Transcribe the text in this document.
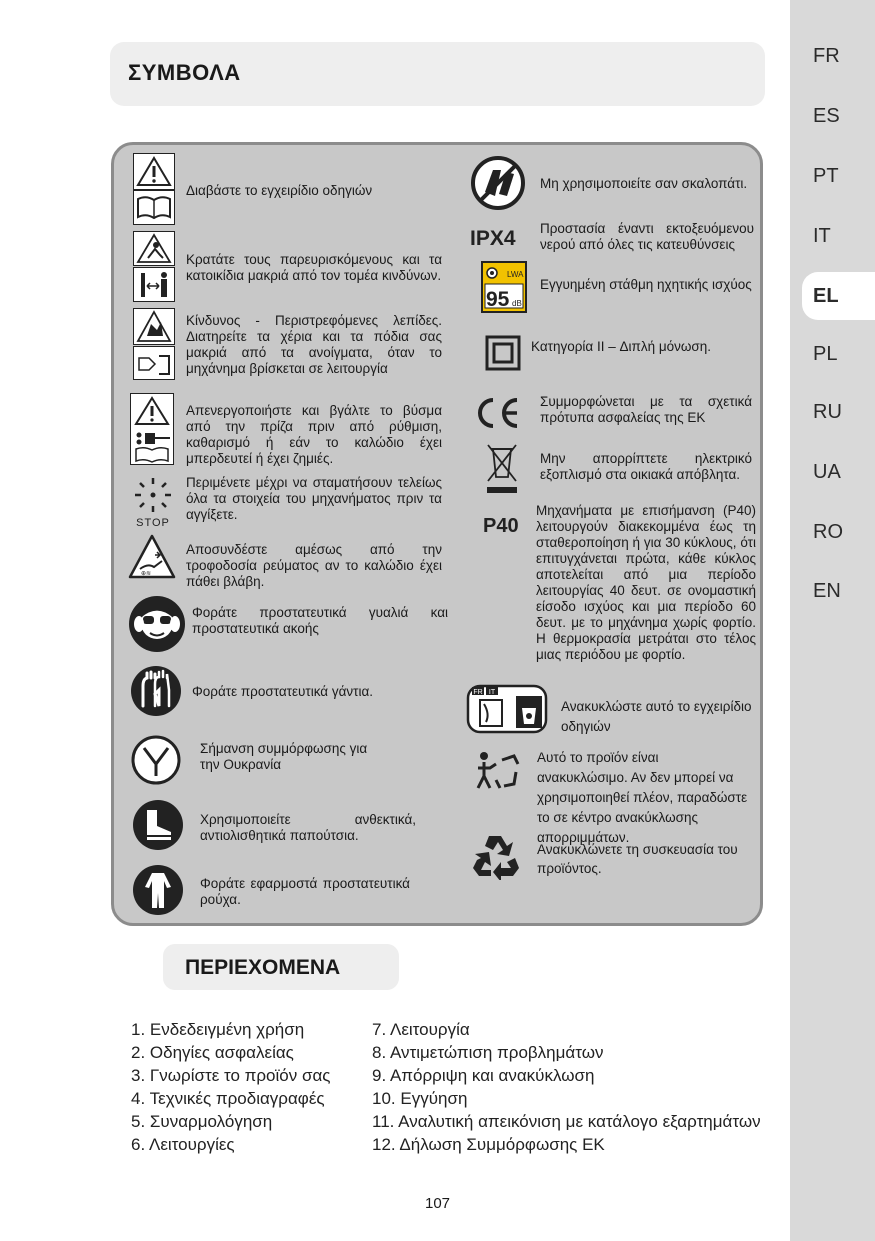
FR
ES
PT
IT
EL
PL
RU
UA
RO
EN
ΣΥΜΒΟΛΑ
STOP
⊕≋
Διαβάστε το εγχειρίδιο οδηγιών
Κρατάτε τους παρευρισκόμενους και τα κατοικίδια μακριά από τον τομέα κινδύνων.
Κίνδυνος - Περιστρεφόμενες λεπίδες. Διατηρείτε τα χέρια και τα πόδια σας μακριά από τα ανοίγματα, όταν το μηχάνημα βρίσκεται σε λειτουργία
Απενεργοποιήστε και βγάλτε το βύσμα από την πρίζα πριν από ρύθμιση, καθαρισμό ή εάν το καλώδιο έχει μπερδευτεί ή έχει ζημιές.
Περιμένετε μέχρι να σταματήσουν τελείως όλα τα στοιχεία του μηχανήματος πριν τα αγγίξετε.
Αποσυνδέστε αμέσως από την τροφοδοσία ρεύματος αν το καλώδιο έχει πάθει βλάβη.
Φοράτε προστατευτικά γυαλιά και προστατευτικά ακοής
Φοράτε προστατευτικά γάντια.
Σήμανση συμμόρφωσης για την Ουκρανία
Χρησιμοποιείτε ανθεκτικά, αντιολισθητικά παπούτσια.
Φοράτε εφαρμοστά προστατευτικά ρούχα.
IPX4
LWA
95 dB
P40
FR IT
Μη χρησιμοποιείτε σαν σκαλοπάτι.
Προστασία έναντι εκτοξευόμενου νερού από όλες τις κατευθύνσεις
Εγγυημένη στάθμη ηχητικής ισχύος
Κατηγορία II – Διπλή μόνωση.
Συμμορφώνεται με τα σχετικά πρότυπα ασφαλείας της ΕΚ
Μην απορρίπτετε ηλεκτρικό εξοπλισμό στα οικιακά απόβλητα.
Μηχανήματα με επισήμανση (P40) λειτουργούν διακεκομμένα έως τη σταθεροποίηση ή για 30 κύκλους, ότι επιτυγχάνεται πρώτα, κάθε κύκλος αποτελείται από μια περίοδο λειτουργίας 40 δευτ. σε ονομαστική είσοδο ισχύος και μια περίοδο 60 δευτ. με το μηχάνημα χωρίς φορτίο. Η θερμοκρασία μετράται στο τέλος μιας περιόδου με φορτίο.
Ανακυκλώστε αυτό το εγχειρίδιο οδηγιών
Αυτό το προϊόν είναι ανακυκλώσιμο. Αν δεν μπορεί να χρησιμοποιηθεί πλέον, παραδώστε το σε κέντρο ανακύκλωσης απορριμμάτων.
Ανακυκλώνετε τη συσκευασία του προϊόντος.
ΠΕΡΙΕΧΟΜΕΝΑ
1. Ενδεδειγμένη χρήση
2. Οδηγίες ασφαλείας
3. Γνωρίστε το προϊόν σας
4. Τεχνικές προδιαγραφές
5. Συναρμολόγηση
6. Λειτουργίες
7. Λειτουργία
8. Αντιμετώπιση προβλημάτων
9. Απόρριψη και ανακύκλωση
10. Εγγύηση
11. Αναλυτική απεικόνιση με κατάλογο εξαρτημάτων
12. Δήλωση Συμμόρφωσης ΕΚ
107
